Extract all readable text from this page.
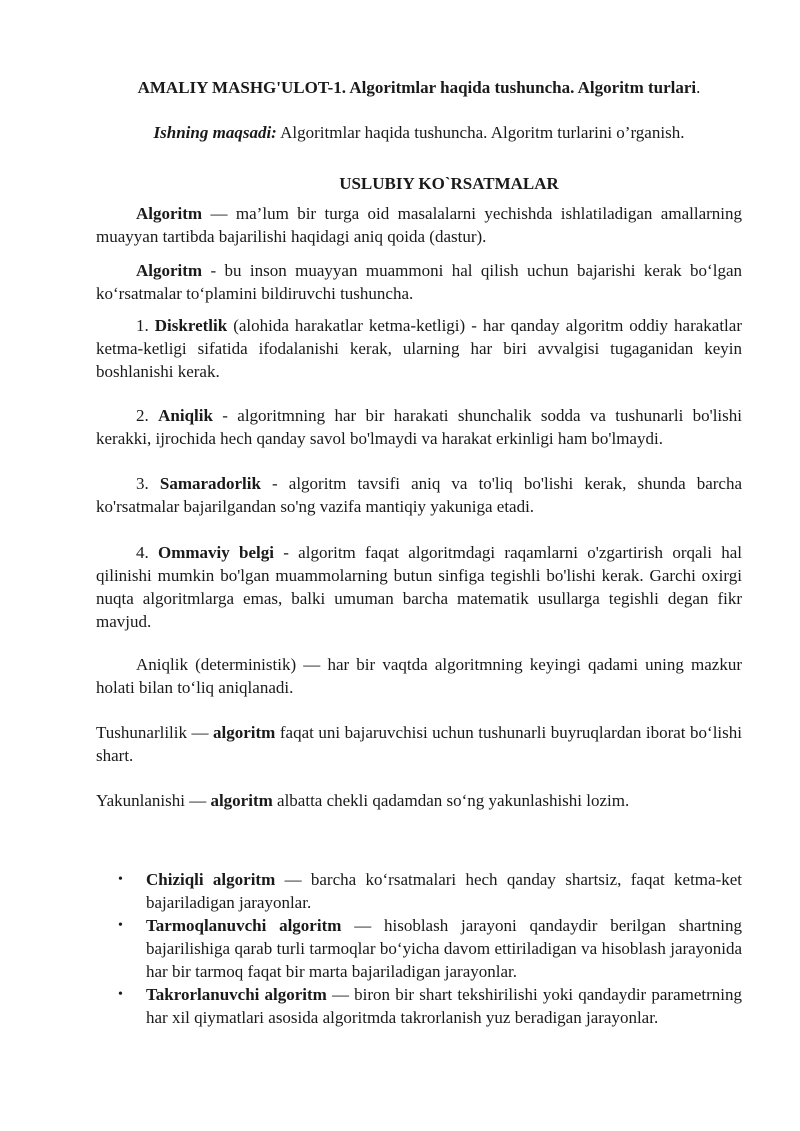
AMALIY MASHG'ULOT-1. Algoritmlar haqida tushuncha. Algoritm turlari.
Ishning maqsadi: Algoritmlar haqida tushuncha. Algoritm turlarini o’rganish.
USLUBIY KO`RSATMALAR
Algoritm — ma’lum bir turga oid masalalarni yechishda ishlatiladigan amallarning muayyan tartibda bajarilishi haqidagi aniq qoida (dastur).
Algoritm - bu inson muayyan muammoni hal qilish uchun bajarishi kerak boʻlgan koʻrsatmalar toʻplamini bildiruvchi tushuncha.
1. Diskretlik (alohida harakatlar ketma-ketligi) - har qanday algoritm oddiy harakatlar ketma-ketligi sifatida ifodalanishi kerak, ularning har biri avvalgisi tugaganidan keyin boshlanishi kerak.
2. Aniqlik - algoritmning har bir harakati shunchalik sodda va tushunarli bo'lishi kerakki, ijrochida hech qanday savol bo'lmaydi va harakat erkinligi ham bo'lmaydi.
3. Samaradorlik - algoritm tavsifi aniq va to'liq bo'lishi kerak, shunda barcha ko'rsatmalar bajarilgandan so'ng vazifa mantiqiy yakuniga etadi.
4. Ommaviy belgi - algoritm faqat algoritmdagi raqamlarni o'zgartirish orqali hal qilinishi mumkin bo'lgan muammolarning butun sinfiga tegishli bo'lishi kerak. Garchi oxirgi nuqta algoritmlarga emas, balki umuman barcha matematik usullarga tegishli degan fikr mavjud.
Aniqlik (deterministik) — har bir vaqtda algoritmning keyingi qadami uning mazkur holati bilan toʻliq aniqlanadi.
Tushunarlilik — algoritm faqat uni bajaruvchisi uchun tushunarli buyruqlardan iborat boʻlishi shart.
Yakunlanishi — algoritm albatta chekli qadamdan soʻng yakunlashishi lozim.
• Chiziqli algoritm — barcha koʻrsatmalari hech qanday shartsiz, faqat ketma-ket bajariladigan jarayonlar.
• Tarmoqlanuvchi algoritm — hisoblash jarayoni qandaydir berilgan shartning bajarilishiga qarab turli tarmoqlar boʻyicha davom ettiriladigan va hisoblash jarayonida har bir tarmoq faqat bir marta bajariladigan jarayonlar.
• Takrorlanuvchi algoritm — biron bir shart tekshirilishi yoki qandaydir parametrning har xil qiymatlari asosida algoritmda takrorlanish yuz beradigan jarayonlar.
